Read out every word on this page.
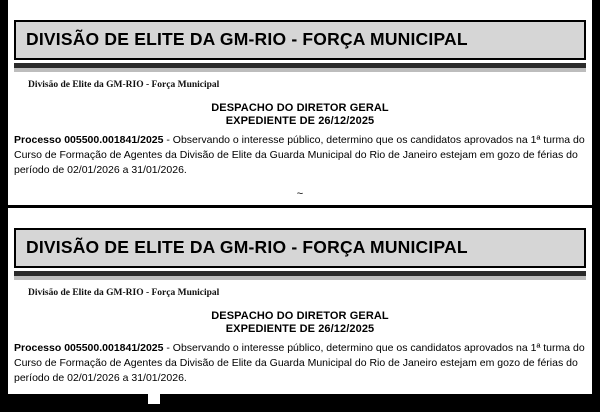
DIVISÃO DE ELITE DA GM-RIO - FORÇA MUNICIPAL
Divisão de Elite da GM-RIO - Força Municipal
DESPACHO DO DIRETOR GERAL
EXPEDIENTE DE 26/12/2025
Processo 005500.001841/2025 - Observando o interesse público, determino que os candidatos aprovados na 1ª turma do Curso de Formação de Agentes da Divisão de Elite da Guarda Municipal do Rio de Janeiro estejam em gozo de férias do período de 02/01/2026 a 31/01/2026.
~
DIVISÃO DE ELITE DA GM-RIO - FORÇA MUNICIPAL
Divisão de Elite da GM-RIO - Força Municipal
DESPACHO DO DIRETOR GERAL
EXPEDIENTE DE 26/12/2025
Processo 005500.001841/2025 - Observando o interesse público, determino que os candidatos aprovados na 1ª turma do Curso de Formação de Agentes da Divisão de Elite da Guarda Municipal do Rio de Janeiro estejam em gozo de férias do período de 02/01/2026 a 31/01/2026.
